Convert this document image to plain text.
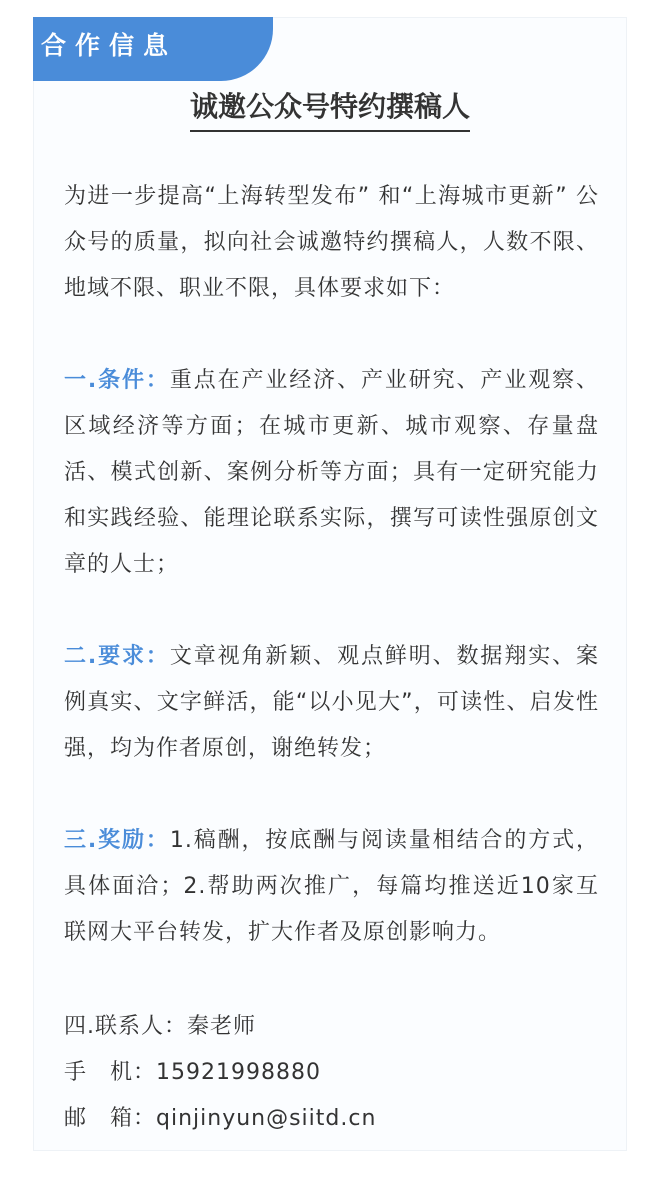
合作信息
诚邀公众号特约撰稿人
为进一步提高“上海转型发布” 和“上海城市更新” 公众号的质量，拟向社会诚邀特约撰稿人，人数不限、地域不限、职业不限，具体要求如下：
一.条件：重点在产业经济、产业研究、产业观察、区域经济等方面；在城市更新、城市观察、存量盘活、模式创新、案例分析等方面；具有一定研究能力和实践经验、能理论联系实际，撰写可读性强原创文章的人士；
二.要求：文章视角新颖、观点鲜明、数据翔实、案例真实、文字鲜活，能“以小见大”，可读性、启发性强，均为作者原创，谢绝转发；
三.奖励：1.稿酬，按底酬与阅读量相结合的方式，具体面洽；2.帮助两次推广，每篇均推送近10家互联网大平台转发，扩大作者及原创影响力。
四.联系人：秦老师
手　机：15921998880
邮　箱：qinjinyun@siitd.cn
